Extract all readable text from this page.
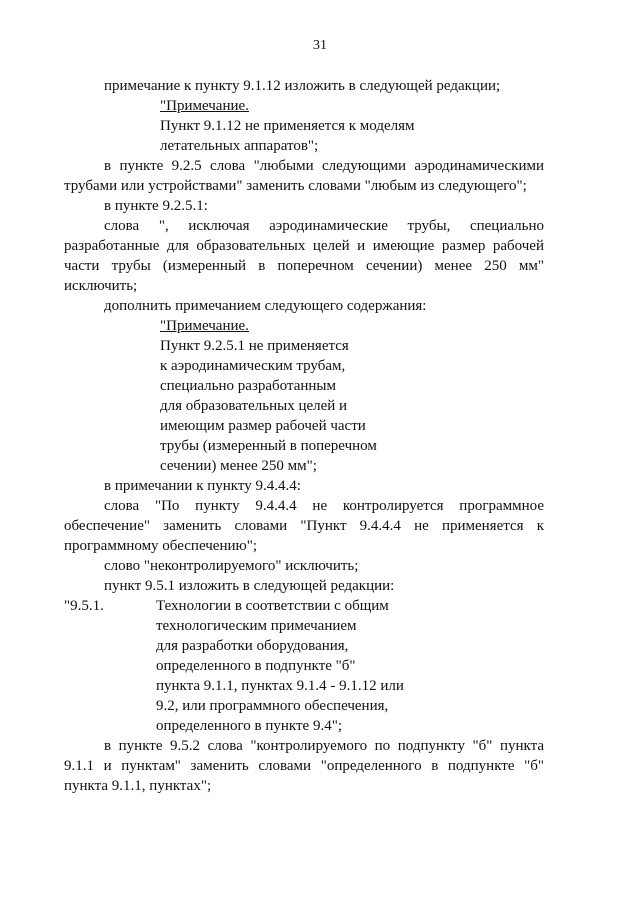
31

примечание к пункту 9.1.12 изложить в следующей редакции;

"Примечание.

Пункт 9.1.12 не применяется к моделям

летательных аппаратов";

в пункте 9.2.5 слова "любыми следующими аэродинамическими трубами или устройствами" заменить словами "любым из следующего";

в пункте 9.2.5.1:

слова ", исключая аэродинамические трубы, специально разработанные для образовательных целей и имеющие размер рабочей части трубы (измеренный в поперечном сечении) менее 250 мм" исключить;

дополнить примечанием следующего содержания:

"Примечание.

Пункт 9.2.5.1 не применяется

к аэродинамическим трубам,

специально разработанным

для образовательных целей и

имеющим размер рабочей части

трубы (измеренный в поперечном

сечении) менее 250 мм";

в примечании к пункту 9.4.4.4:

слова "По пункту 9.4.4.4 не контролируется программное обеспечение" заменить словами "Пункт 9.4.4.4 не применяется к программному обеспечению";

слово "неконтролируемого" исключить;

пункт 9.5.1 изложить в следующей редакции:

"9.5.1.	Технологии в соответствии с общим

технологическим примечанием

для разработки оборудования,

определенного в подпункте "б"

пункта 9.1.1, пунктах 9.1.4 - 9.1.12 или

9.2, или программного обеспечения,

определенного в пункте 9.4";

в пункте 9.5.2 слова "контролируемого по подпункту "б" пункта 9.1.1 и пунктам" заменить словами "определенного в подпункте "б" пункта 9.1.1, пунктах";
